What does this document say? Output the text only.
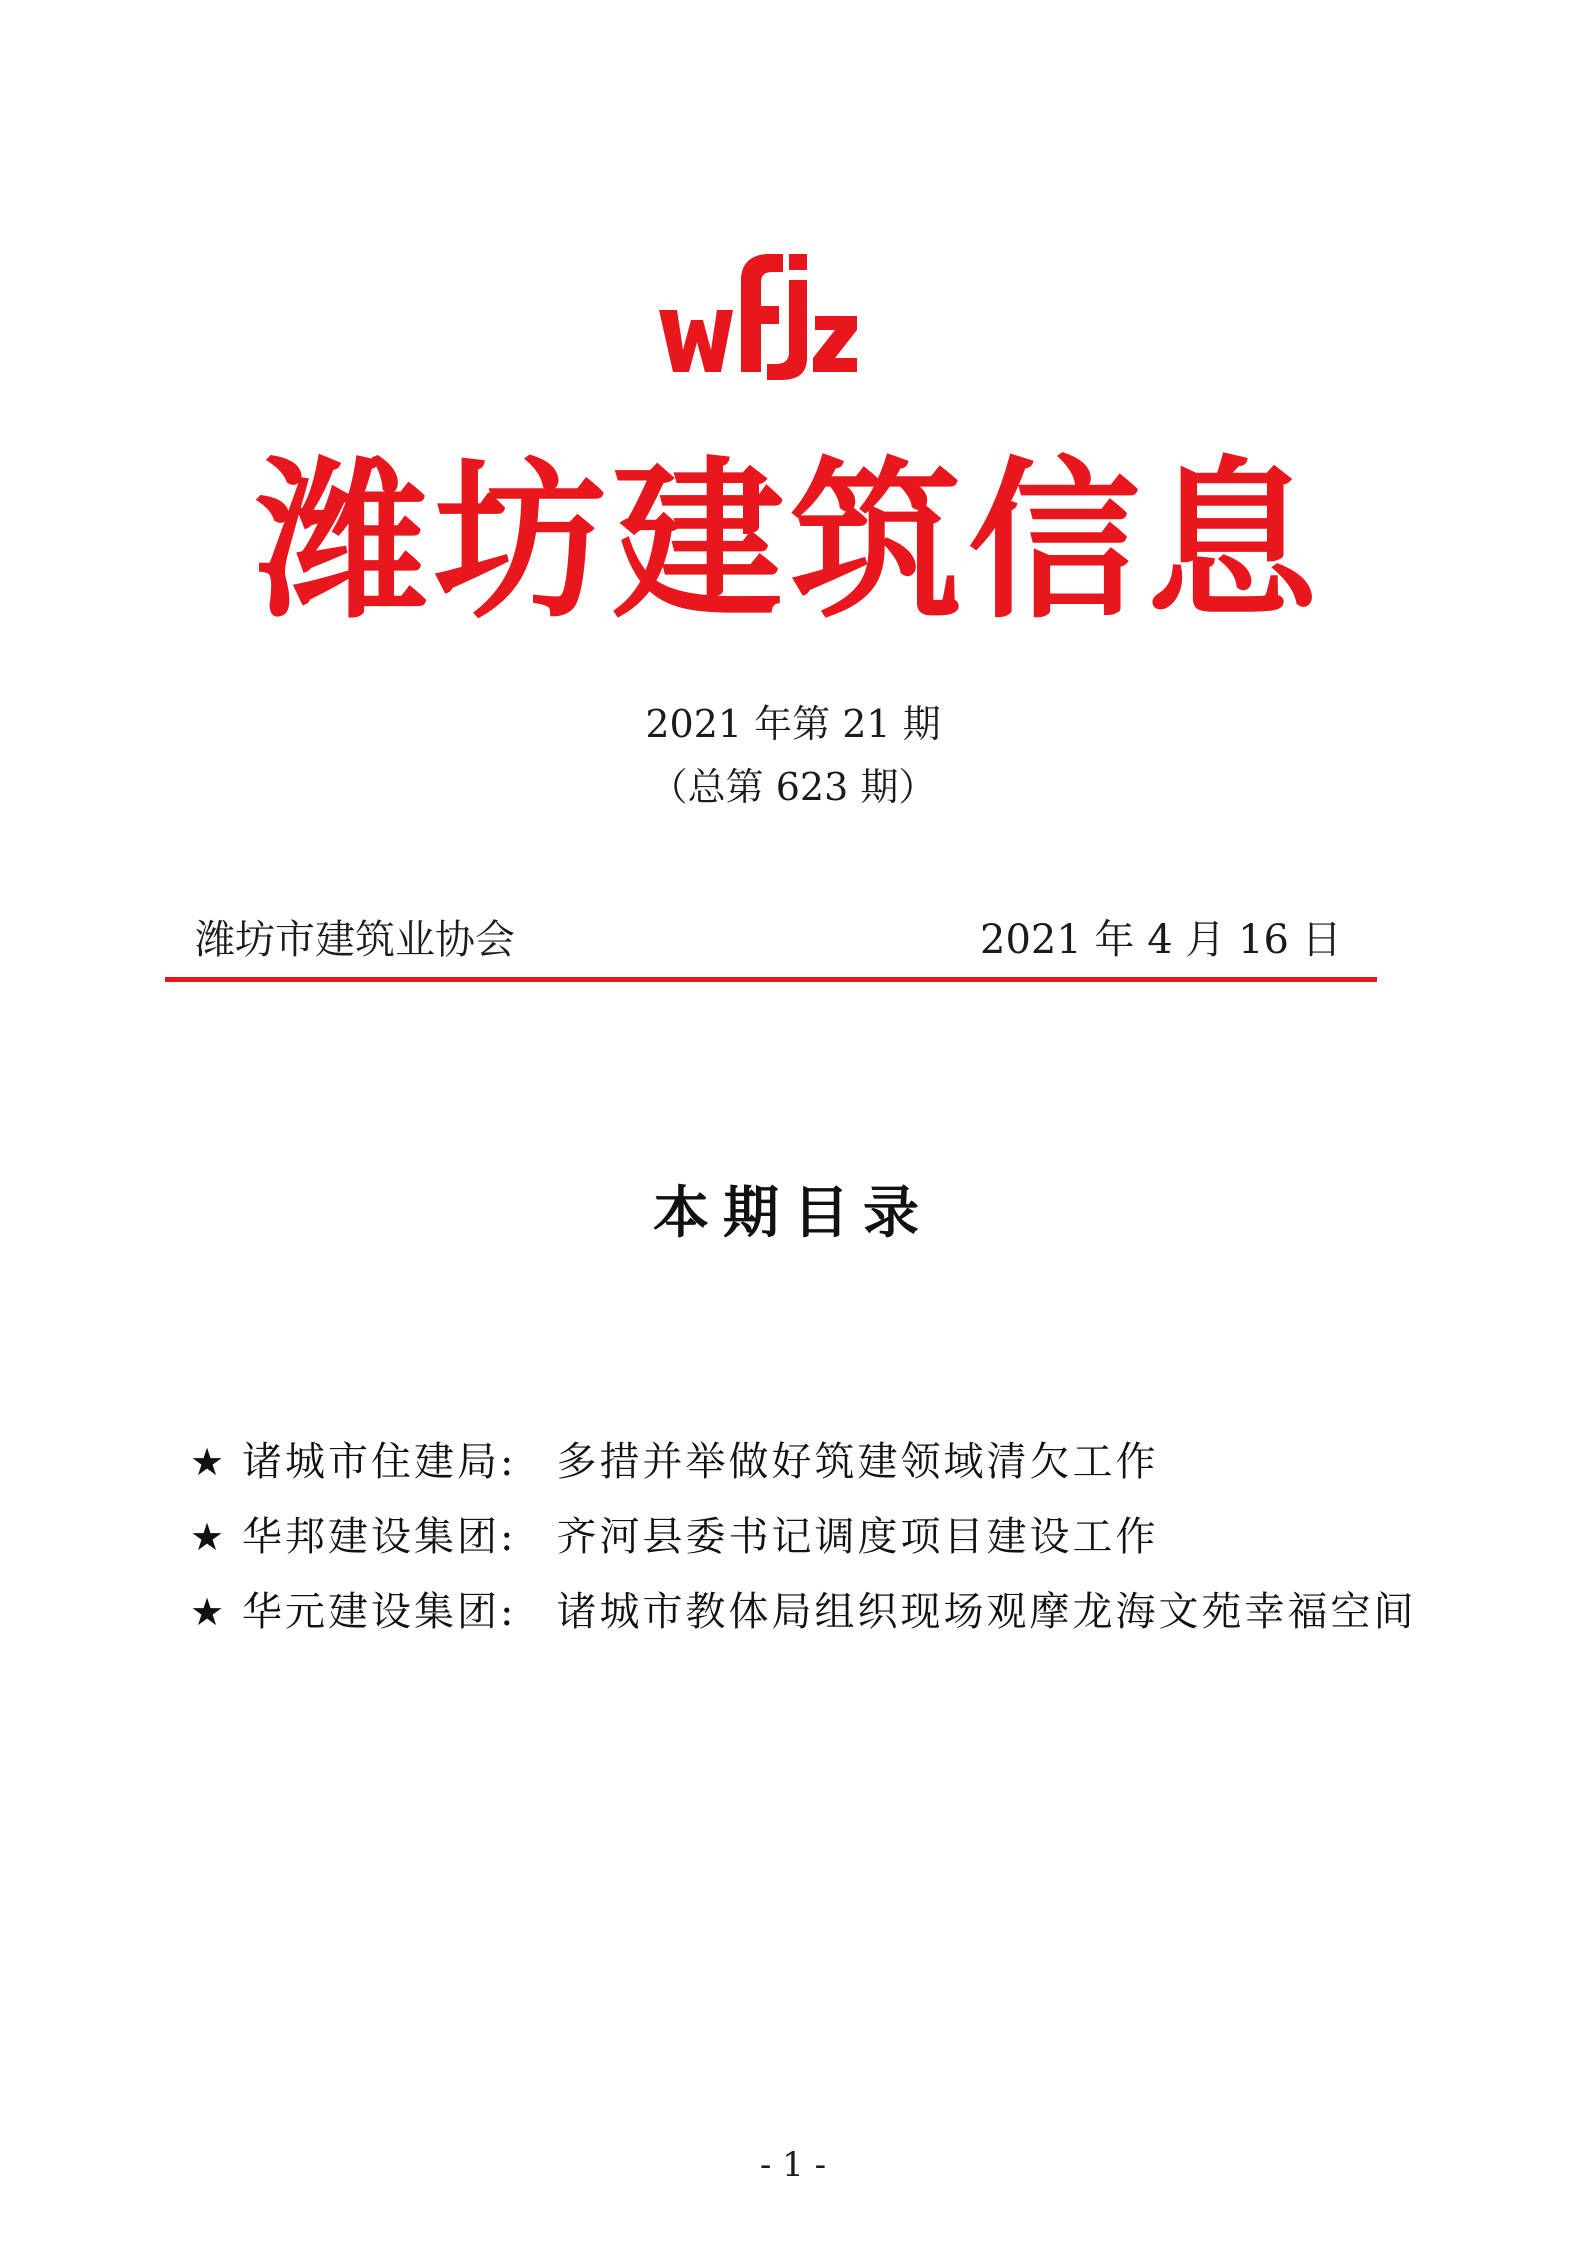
潍坊建筑信息
2021 年第 21 期
（总第 623 期）
潍坊市建筑业协会	2021 年 4 月 16 日
本期目录
★ 诸城市住建局: 多措并举做好筑建领域清欠工作
★ 华邦建设集团: 齐河县委书记调度项目建设工作
★ 华元建设集团: 诸城市教体局组织现场观摩龙海文苑幸福空间
- 1 -
